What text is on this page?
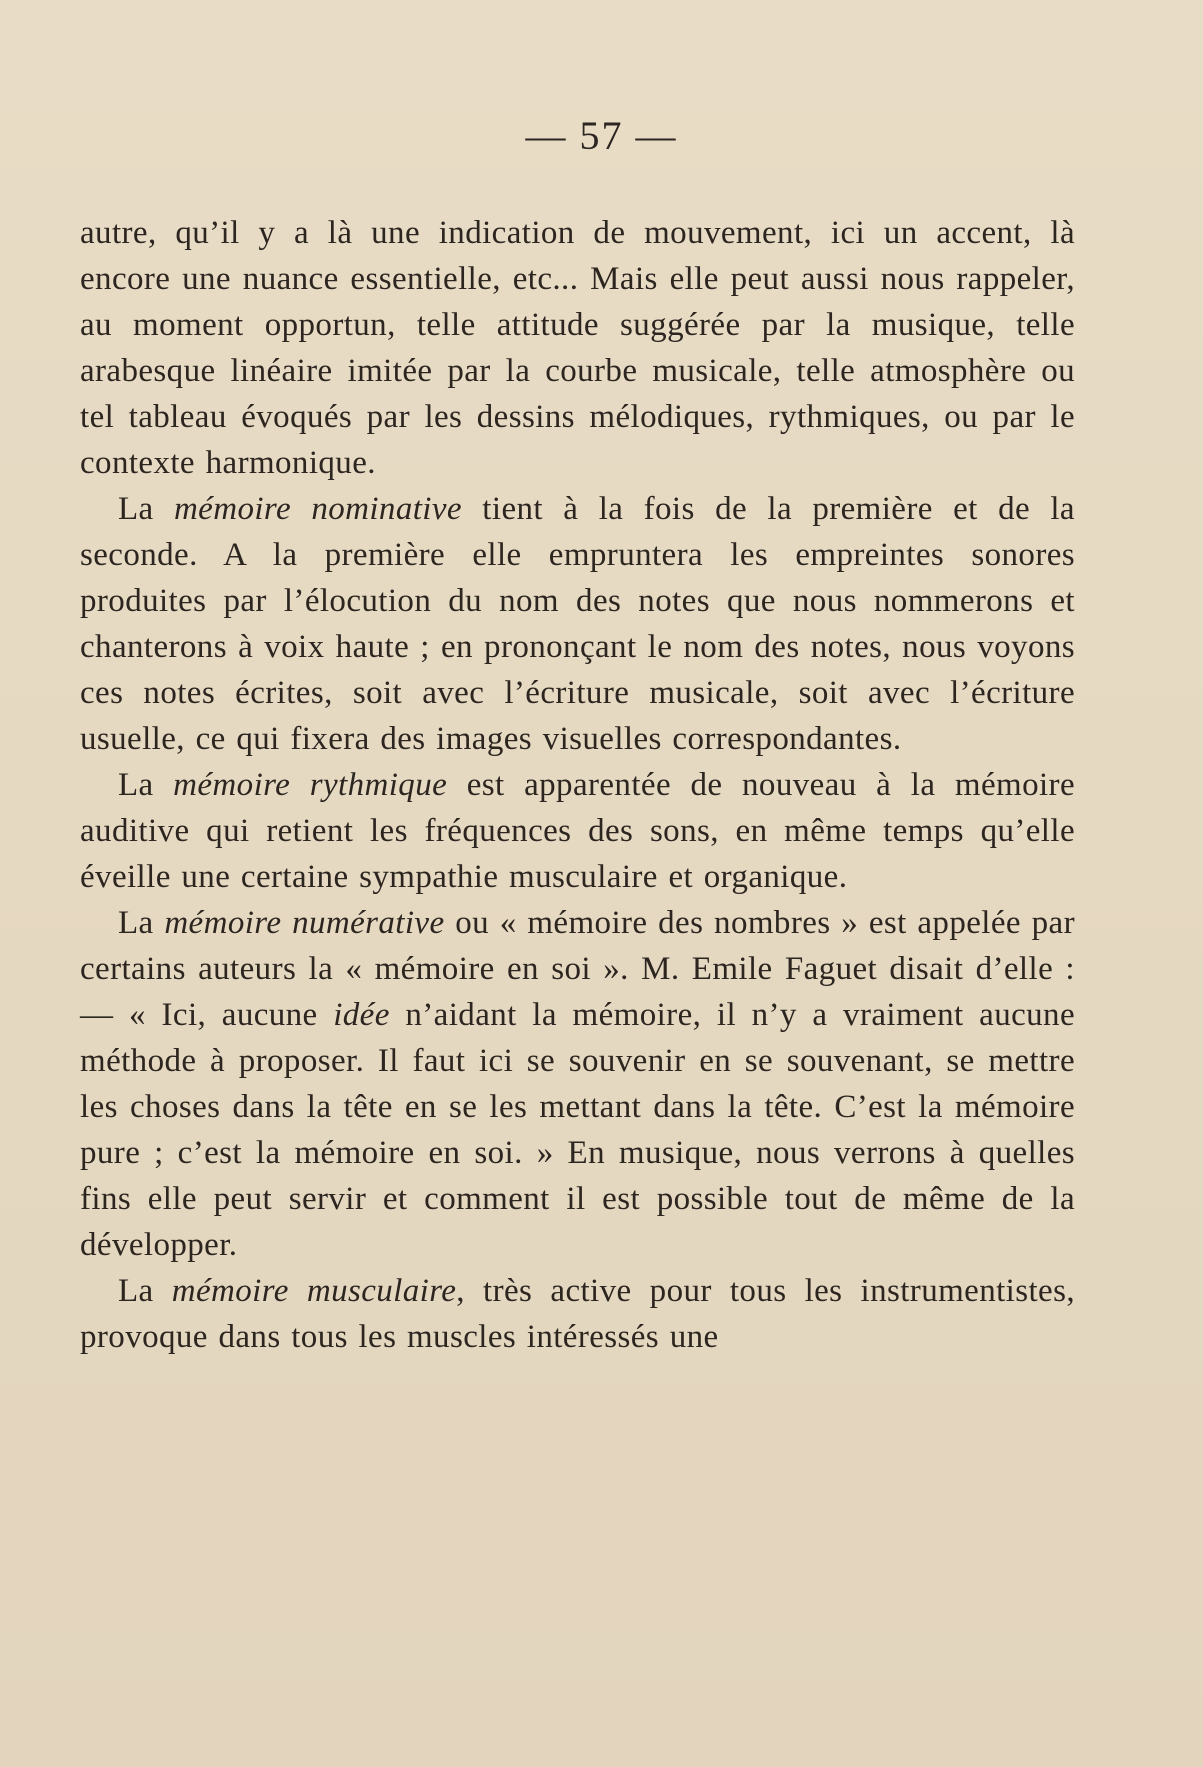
— 57 —

autre, qu’il y a là une indication de mouvement, ici un accent, là encore une nuance essentielle, etc... Mais elle peut aussi nous rappeler, au moment opportun, telle attitude suggérée par la musique, telle arabesque linéaire imitée par la courbe musicale, telle atmosphère ou tel tableau évoqués par les dessins mélodiques, rythmiques, ou par le contexte harmonique.

La mémoire nominative tient à la fois de la première et de la seconde. A la première elle empruntera les empreintes sonores produites par l’élocution du nom des notes que nous nommerons et chanterons à voix haute ; en prononçant le nom des notes, nous voyons ces notes écrites, soit avec l’écriture musicale, soit avec l’écriture usuelle, ce qui fixera des images visuelles correspondantes.

La mémoire rythmique est apparentée de nouveau à la mémoire auditive qui retient les fréquences des sons, en même temps qu’elle éveille une certaine sympathie musculaire et organique.

La mémoire numérative ou « mémoire des nombres » est appelée par certains auteurs la « mémoire en soi ». M. Emile Faguet disait d’elle : — « Ici, aucune idée n’aidant la mémoire, il n’y a vraiment aucune méthode à proposer. Il faut ici se souvenir en se souvenant, se mettre les choses dans la tête en se les mettant dans la tête. C’est la mémoire pure ; c’est la mémoire en soi. » En musique, nous verrons à quelles fins elle peut servir et comment il est possible tout de même de la développer.

La mémoire musculaire, très active pour tous les instrumentistes, provoque dans tous les muscles intéressés une
